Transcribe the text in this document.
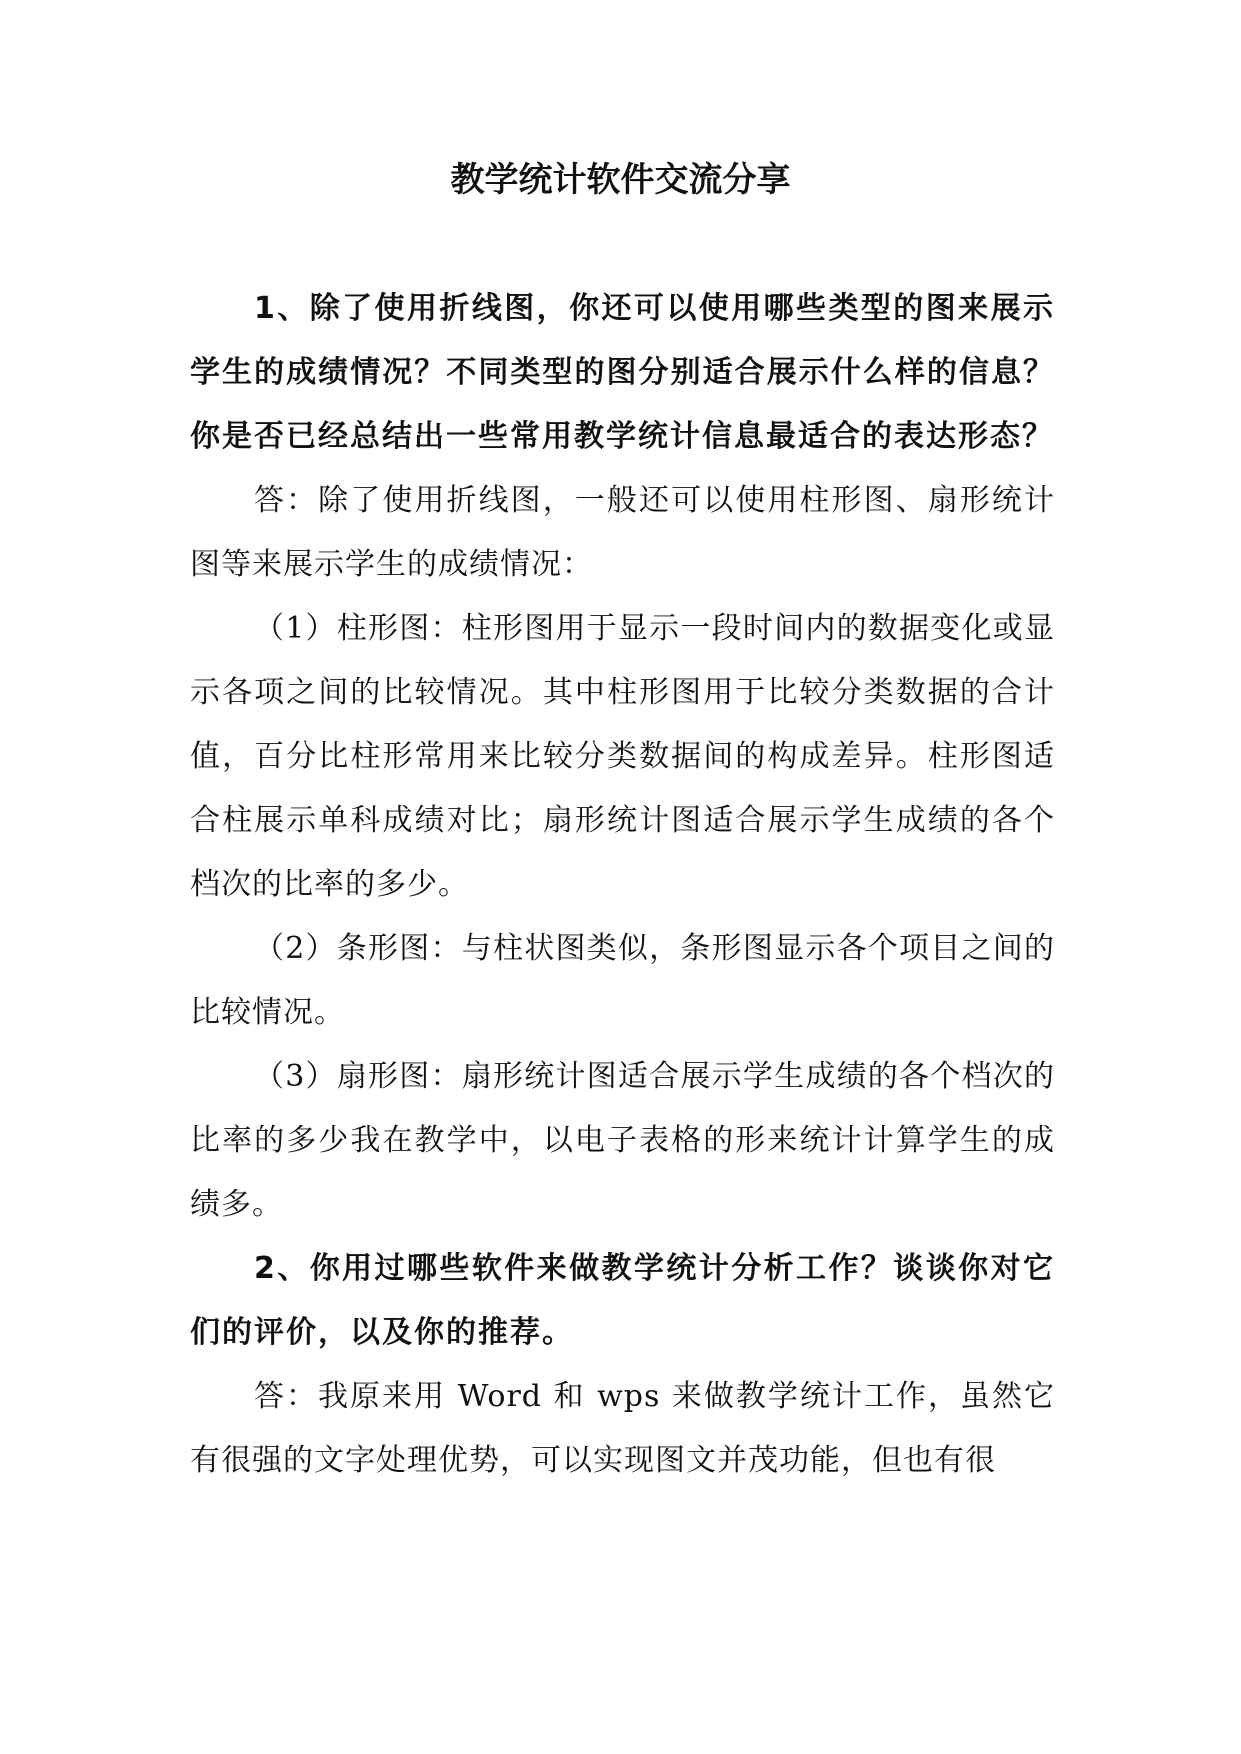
教学统计软件交流分享

1、除了使用折线图，你还可以使用哪些类型的图来展示学生的成绩情况？不同类型的图分别适合展示什么样的信息？你是否已经总结出一些常用教学统计信息最适合的表达形态？

答：除了使用折线图，一般还可以使用柱形图、扇形统计图等来展示学生的成绩情况：

（1）柱形图：柱形图用于显示一段时间内的数据变化或显示各项之间的比较情况。其中柱形图用于比较分类数据的合计值，百分比柱形常用来比较分类数据间的构成差异。柱形图适合柱展示单科成绩对比；扇形统计图适合展示学生成绩的各个档次的比率的多少。

（2）条形图：与柱状图类似，条形图显示各个项目之间的比较情况。

（3）扇形图：扇形统计图适合展示学生成绩的各个档次的比率的多少我在教学中，以电子表格的形来统计计算学生的成绩多。

2、你用过哪些软件来做教学统计分析工作？谈谈你对它们的评价，以及你的推荐。

答：我原来用 Word 和 wps 来做教学统计工作，虽然它有很强的文字处理优势，可以实现图文并茂功能，但也有很
